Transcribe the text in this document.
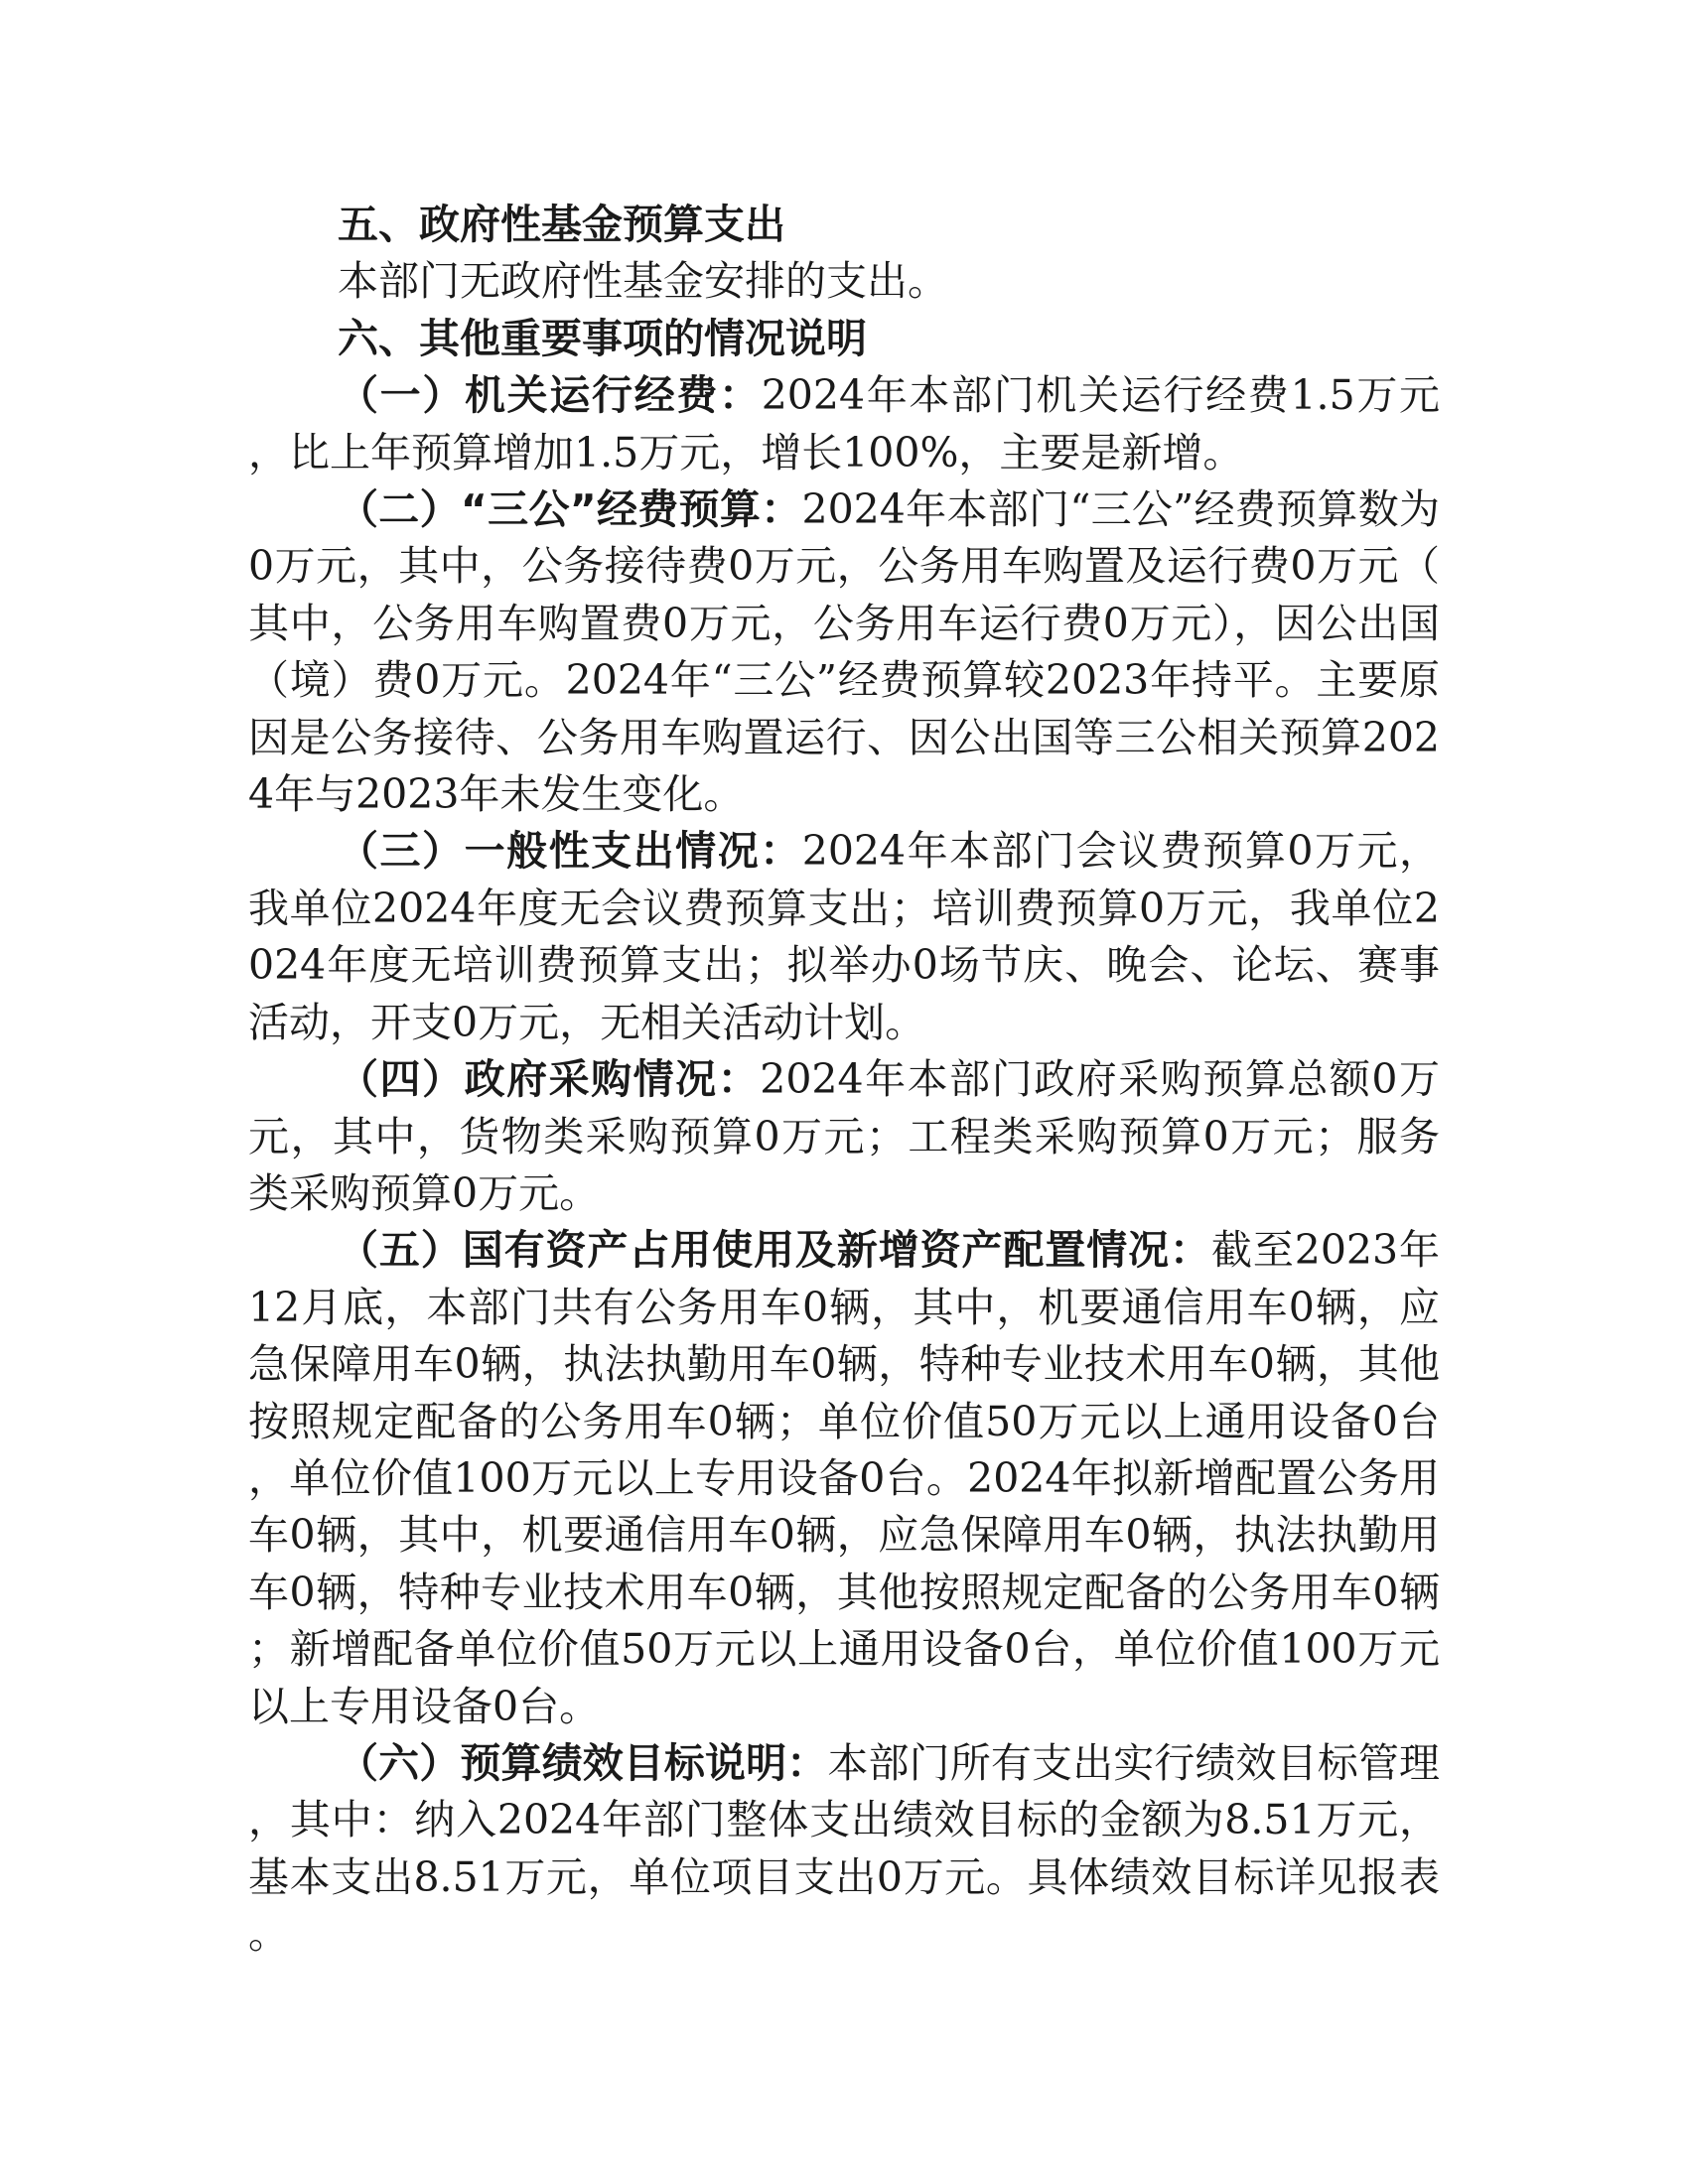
五、政府性基金预算支出

本部门无政府性基金安排的支出。

六、其他重要事项的情况说明

（一）机关运行经费：2024年本部门机关运行经费1.5万元，比上年预算增加1.5万元，增长100%，主要是新增。

（二）“三公”经费预算：2024年本部门“三公”经费预算数为0万元，其中，公务接待费0万元，公务用车购置及运行费0万元（其中，公务用车购置费0万元，公务用车运行费0万元），因公出国（境）费0万元。2024年“三公”经费预算较2023年持平。主要原因是公务接待、公务用车购置运行、因公出国等三公相关预算2024年与2023年未发生变化。

（三）一般性支出情况：2024年本部门会议费预算0万元，我单位2024年度无会议费预算支出；培训费预算0万元，我单位2024年度无培训费预算支出；拟举办0场节庆、晚会、论坛、赛事活动，开支0万元，无相关活动计划。

（四）政府采购情况：2024年本部门政府采购预算总额0万元，其中，货物类采购预算0万元；工程类采购预算0万元；服务类采购预算0万元。

（五）国有资产占用使用及新增资产配置情况：截至2023年12月底，本部门共有公务用车0辆，其中，机要通信用车0辆，应急保障用车0辆，执法执勤用车0辆，特种专业技术用车0辆，其他按照规定配备的公务用车0辆；单位价值50万元以上通用设备0台，单位价值100万元以上专用设备0台。2024年拟新增配置公务用车0辆，其中，机要通信用车0辆，应急保障用车0辆，执法执勤用车0辆，特种专业技术用车0辆，其他按照规定配备的公务用车0辆；新增配备单位价值50万元以上通用设备0台，单位价值100万元以上专用设备0台。

（六）预算绩效目标说明：本部门所有支出实行绩效目标管理，其中：纳入2024年部门整体支出绩效目标的金额为8.51万元，基本支出8.51万元，单位项目支出0万元。具体绩效目标详见报表。
